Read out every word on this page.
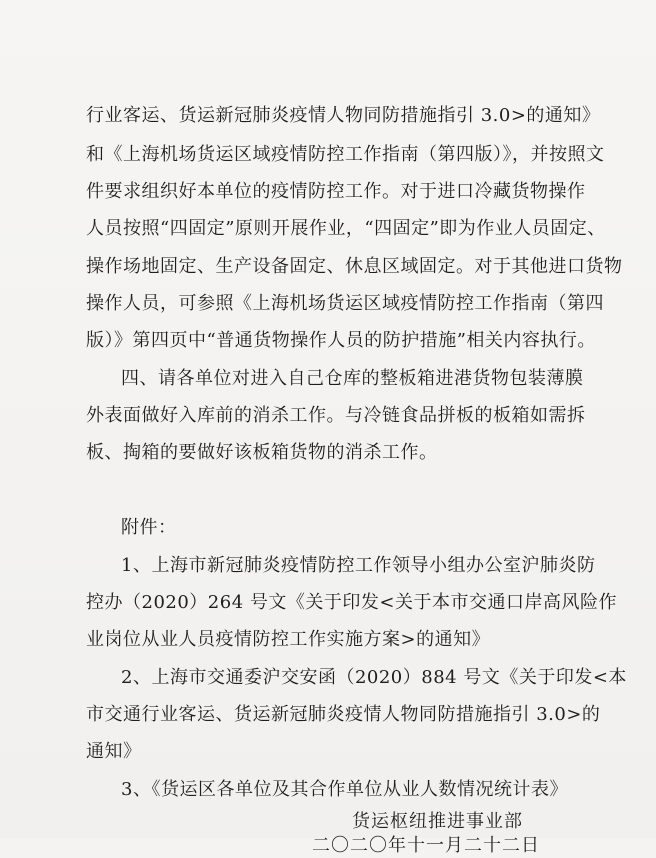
行业客运、货运新冠肺炎疫情人物同防措施指引 3.0>的通知》
和《上海机场货运区域疫情防控工作指南（第四版）》，并按照文
件要求组织好本单位的疫情防控工作。对于进口冷藏货物操作
人员按照“四固定”原则开展作业，“四固定”即为作业人员固定、
操作场地固定、生产设备固定、休息区域固定。对于其他进口货物
操作人员，可参照《上海机场货运区域疫情防控工作指南（第四
版）》第四页中“普通货物操作人员的防护措施”相关内容执行。
四、请各单位对进入自己仓库的整板箱进港货物包装薄膜
外表面做好入库前的消杀工作。与冷链食品拼板的板箱如需拆
板、掏箱的要做好该板箱货物的消杀工作。
附件：
1、上海市新冠肺炎疫情防控工作领导小组办公室沪肺炎防
控办（2020）264 号文《关于印发<关于本市交通口岸高风险作
业岗位从业人员疫情防控工作实施方案>的通知》
2、上海市交通委沪交安函（2020）884 号文《关于印发<本
市交通行业客运、货运新冠肺炎疫情人物同防措施指引 3.0>的
通知》
3、《货运区各单位及其合作单位从业人数情况统计表》
货运枢纽推进事业部
二〇二〇年十一月二十二日
